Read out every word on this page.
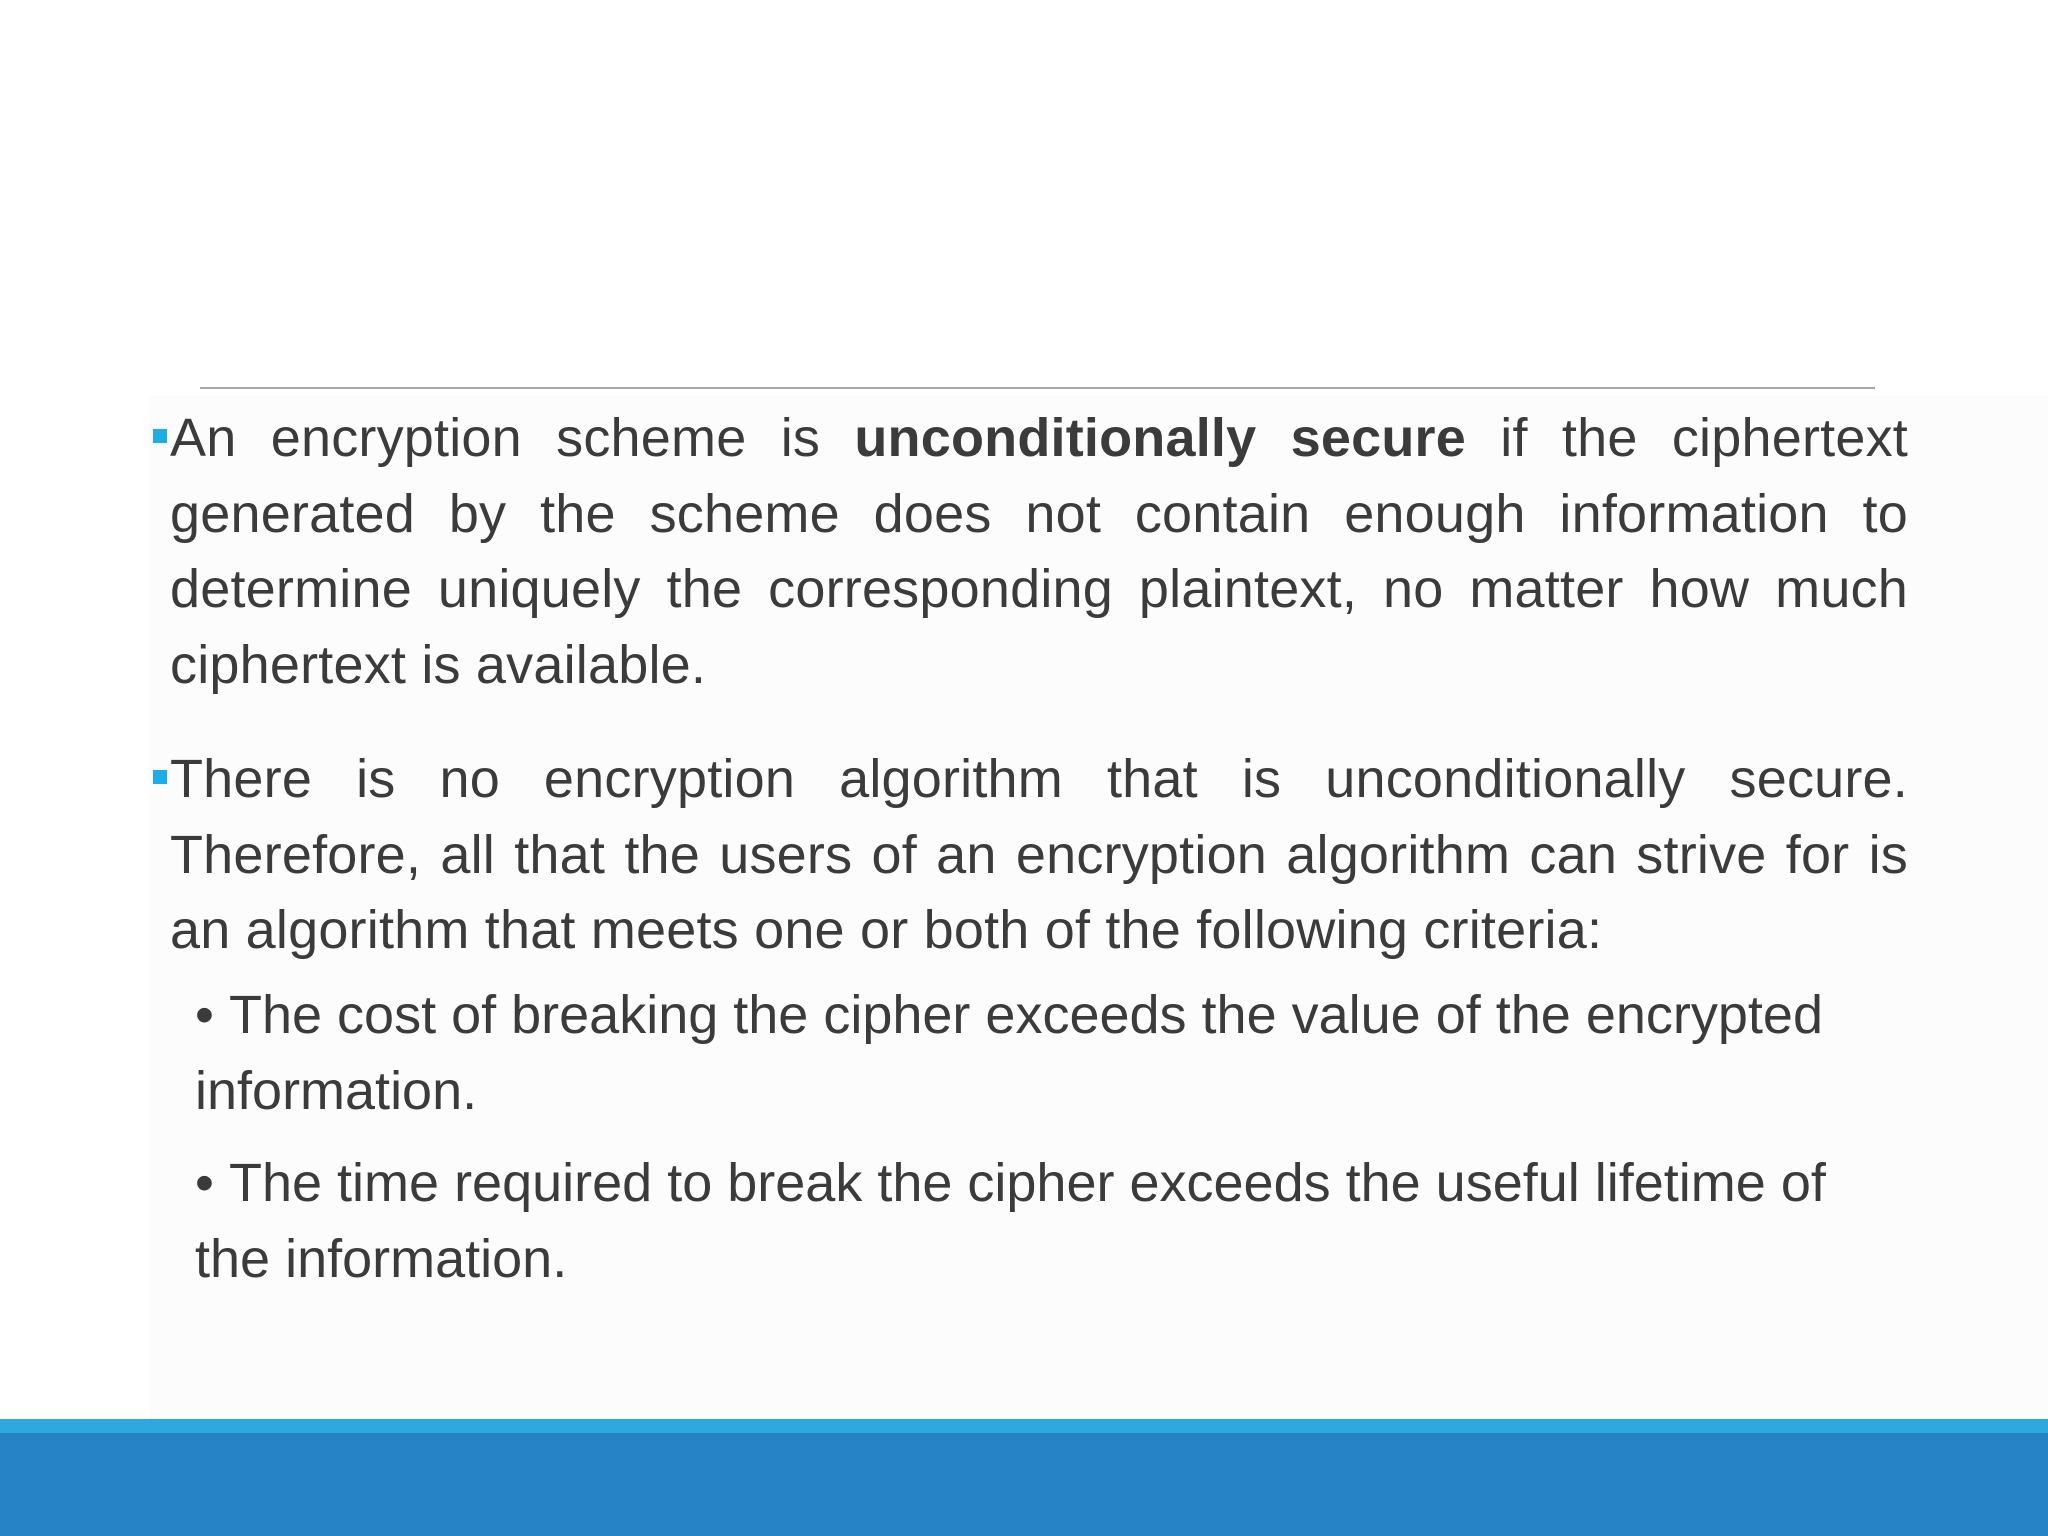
An encryption scheme is unconditionally secure if the ciphertext generated by the scheme does not contain enough information to determine uniquely the corresponding plaintext, no matter how much ciphertext is available.
There is no encryption algorithm that is unconditionally secure. Therefore, all that the users of an encryption algorithm can strive for is an algorithm that meets one or both of the following criteria:
• The cost of breaking the cipher exceeds the value of the encrypted information.
• The time required to break the cipher exceeds the useful lifetime of the information.
